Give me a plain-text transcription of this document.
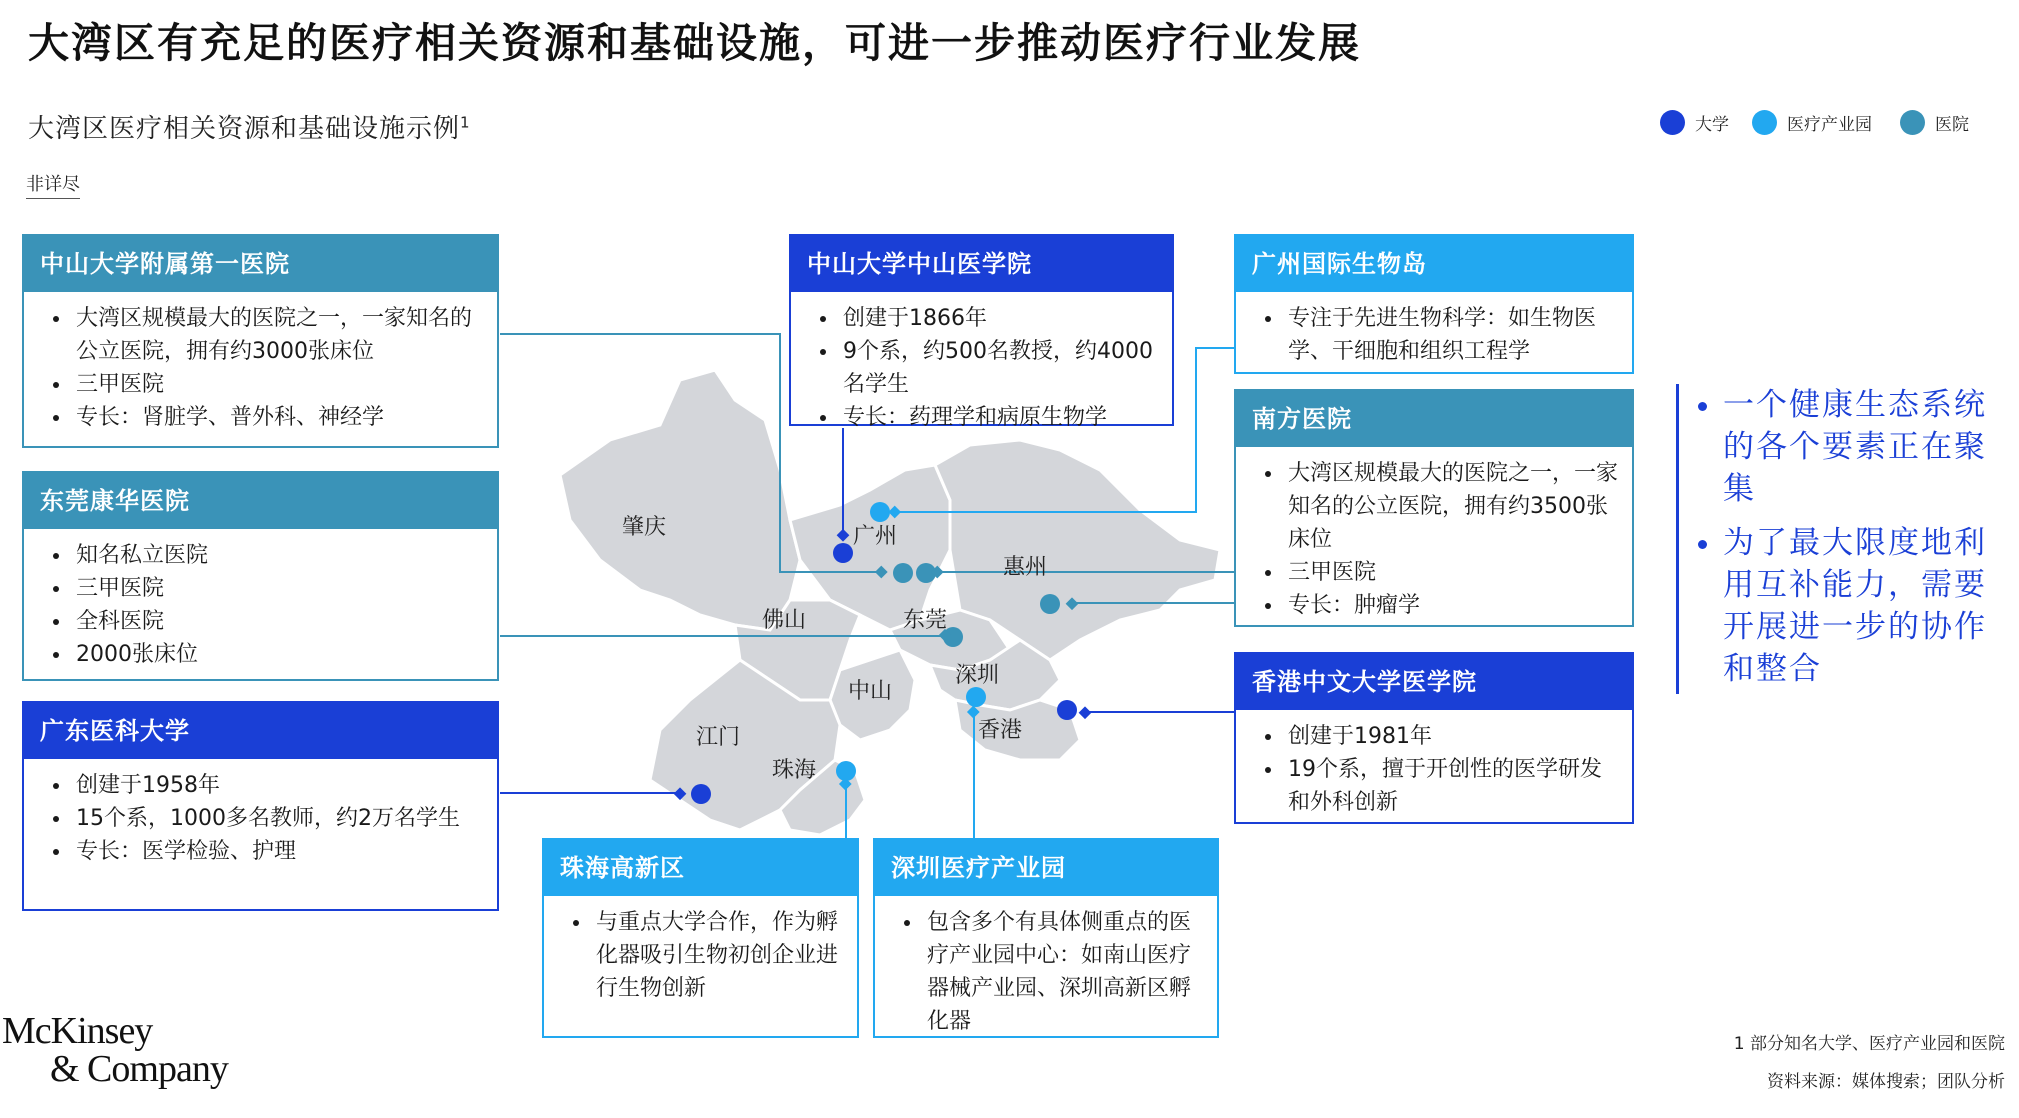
大湾区有充足的医疗相关资源和基础设施，可进一步推动医疗行业发展
大湾区医疗相关资源和基础设施示例$^1$
非详尽
大学	医疗产业园	医院
肇庆	广州
惠州
佛山	东莞
深圳
中山
江门
珠海
香港
中山大学附属第一医院
• 大湾区规模最大的医院之一，一家知名的公立医院，拥有约3000张床位
• 三甲医院
• 专长：肾脏学、普外科、神经学
东莞康华医院
• 知名私立医院
• 三甲医院
• 全科医院
• 2000张床位
广东医科大学
• 创建于1958年
• 15个系，1000多名教师，约2万名学生
• 专长：医学检验、护理
中山大学中山医学院
• 创建于1866年
• 9个系，约500名教授，约4000名学生
• 专长：药理学和病原生物学
广州国际生物岛
• 专注于先进生物科学：如生物医学、干细胞和组织工程学
南方医院
• 大湾区规模最大的医院之一，一家知名的公立医院，拥有约3500张床位
• 三甲医院
• 专长：肿瘤学
香港中文大学医学院
• 创建于1981年
• 19个系，擅于开创性的医学研发和外科创新
珠海高新区
• 与重点大学合作，作为孵化器吸引生物初创企业进行生物创新
深圳医疗产业园
• 包含多个有具体侧重点的医疗产业园中心：如南山医疗器械产业园、深圳高新区孵化器
• 一个健康生态系统的各个要素正在聚集
• 为了最大限度地利用互补能力，需要开展进一步的协作和整合
McKinsey
& Company
1 部分知名大学、医疗产业园和医院
资料来源：媒体搜索；团队分析
